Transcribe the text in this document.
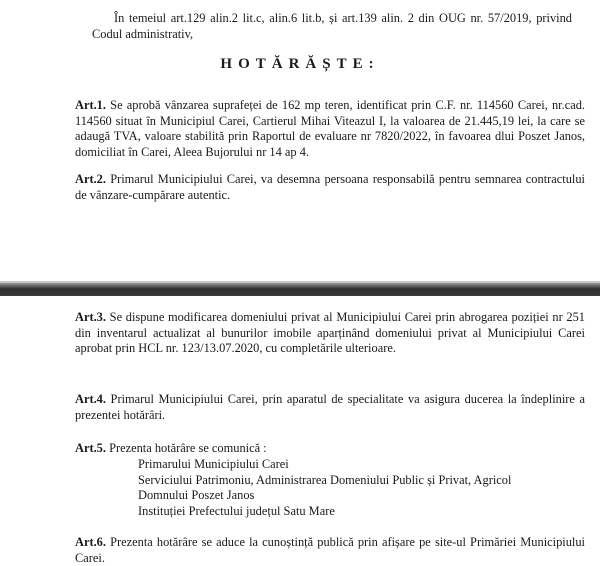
În temeiul art.129 alin.2 lit.c, alin.6 lit.b, și art.139 alin. 2 din OUG nr. 57/2019, privind Codul administrativ,

HOTĂRĂȘTE:

Art.1. Se aprobă vânzarea suprafeței de 162 mp teren, identificat prin C.F. nr. 114560 Carei, nr.cad. 114560 situat în Municipiul Carei, Cartierul Mihai Viteazul I, la valoarea de 21.445,19 lei, la care se adaugă TVA, valoare stabilită prin Raportul de evaluare nr 7820/2022, în favoarea dlui Poszet Janos, domiciliat în Carei, Aleea Bujorului nr 14 ap 4.

Art.2. Primarul Municipiului Carei, va desemna persoana responsabilă pentru semnarea contractului de vânzare-cumpărare autentic.

Art.3. Se dispune modificarea domeniului privat al Municipiului Carei prin abrogarea poziției nr 251 din inventarul actualizat al bunurilor imobile aparținând domeniului privat al Municipiului Carei aprobat prin HCL nr. 123/13.07.2020, cu completările ulterioare.

Art.4. Primarul Municipiului Carei, prin aparatul de specialitate va asigura ducerea la îndeplinire a prezentei hotărâri.

Art.5. Prezenta hotărâre se comunică :

Primarului Municipiului Carei
Serviciului Patrimoniu, Administrarea Domeniului Public și Privat, Agricol
Domnului Poszet Janos
Instituției Prefectului județul Satu Mare

Art.6. Prezenta hotărâre se aduce la cunoștință publică prin afișare pe site-ul Primăriei Municipiului Carei.
